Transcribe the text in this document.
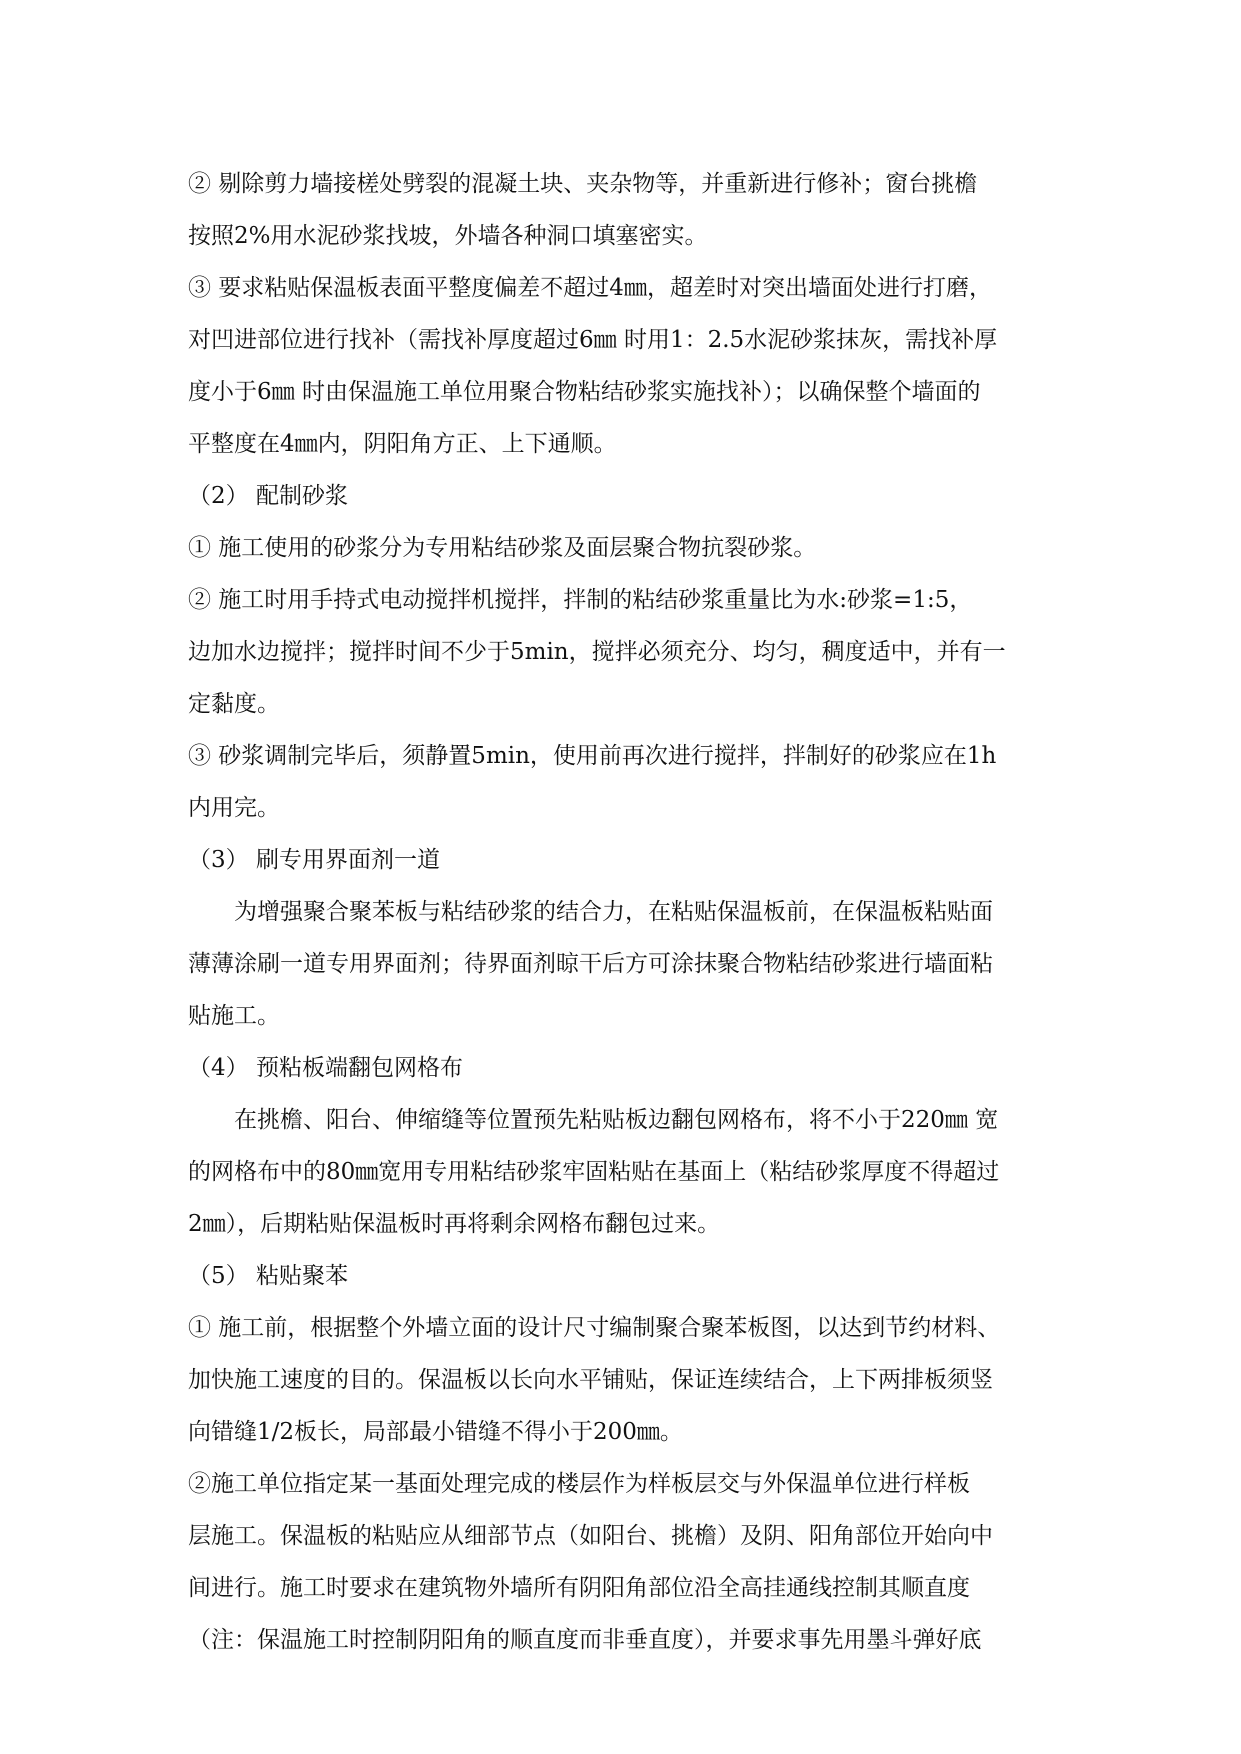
② 剔除剪力墙接槎处劈裂的混凝土块、夹杂物等，并重新进行修补；窗台挑檐
按照2%用水泥砂浆找坡，外墙各种洞口填塞密实。
③ 要求粘贴保温板表面平整度偏差不超过4㎜，超差时对突出墙面处进行打磨，
对凹进部位进行找补（需找补厚度超过6㎜ 时用1：2.5水泥砂浆抹灰，需找补厚
度小于6㎜ 时由保温施工单位用聚合物粘结砂浆实施找补）；以确保整个墙面的
平整度在4㎜内，阴阳角方正、上下通顺。
（2） 配制砂浆
① 施工使用的砂浆分为专用粘结砂浆及面层聚合物抗裂砂浆。
② 施工时用手持式电动搅拌机搅拌，拌制的粘结砂浆重量比为水:砂浆=1:5，
边加水边搅拌；搅拌时间不少于5min，搅拌必须充分、均匀，稠度适中，并有一
定黏度。
③ 砂浆调制完毕后，须静置5min，使用前再次进行搅拌，拌制好的砂浆应在1h
内用完。
（3） 刷专用界面剂一道
为增强聚合聚苯板与粘结砂浆的结合力，在粘贴保温板前，在保温板粘贴面
薄薄涂刷一道专用界面剂；待界面剂晾干后方可涂抹聚合物粘结砂浆进行墙面粘
贴施工。
（4） 预粘板端翻包网格布
在挑檐、阳台、伸缩缝等位置预先粘贴板边翻包网格布，将不小于220㎜ 宽
的网格布中的80㎜宽用专用粘结砂浆牢固粘贴在基面上（粘结砂浆厚度不得超过
2㎜），后期粘贴保温板时再将剩余网格布翻包过来。
（5） 粘贴聚苯
① 施工前，根据整个外墙立面的设计尺寸编制聚合聚苯板图，以达到节约材料、
加快施工速度的目的。保温板以长向水平铺贴，保证连续结合，上下两排板须竖
向错缝1/2板长，局部最小错缝不得小于200㎜。
②施工单位指定某一基面处理完成的楼层作为样板层交与外保温单位进行样板
层施工。保温板的粘贴应从细部节点（如阳台、挑檐）及阴、阳角部位开始向中
间进行。施工时要求在建筑物外墙所有阴阳角部位沿全高挂通线控制其顺直度
（注：保温施工时控制阴阳角的顺直度而非垂直度），并要求事先用墨斗弹好底
